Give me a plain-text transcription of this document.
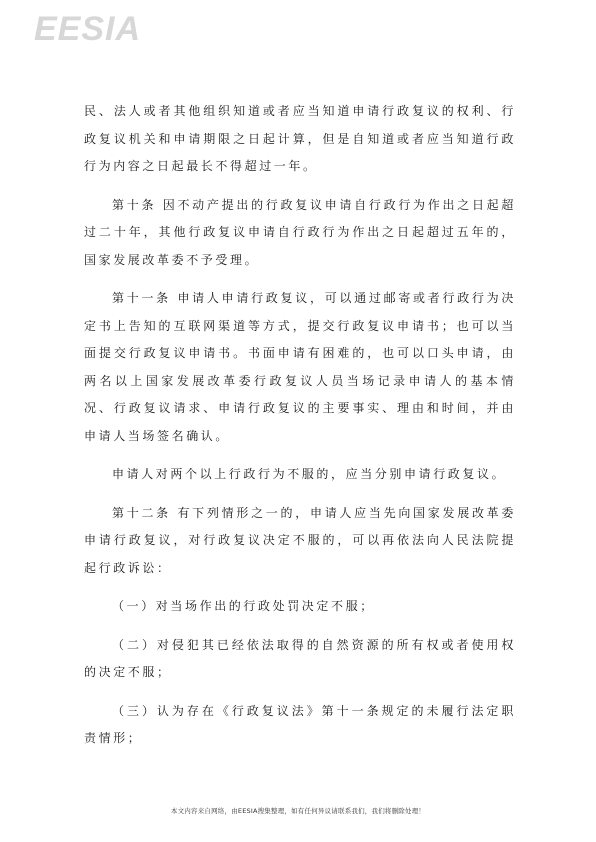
EESIA

民、法人或者其他组织知道或者应当知道申请行政复议的权利、行政复议机关和申请期限之日起计算，但是自知道或者应当知道行政行为内容之日起最长不得超过一年。

第十条 因不动产提出的行政复议申请自行政行为作出之日起超过二十年，其他行政复议申请自行政行为作出之日起超过五年的，国家发展改革委不予受理。

第十一条 申请人申请行政复议，可以通过邮寄或者行政行为决定书上告知的互联网渠道等方式，提交行政复议申请书；也可以当面提交行政复议申请书。书面申请有困难的，也可以口头申请，由两名以上国家发展改革委行政复议人员当场记录申请人的基本情况、行政复议请求、申请行政复议的主要事实、理由和时间，并由申请人当场签名确认。

申请人对两个以上行政行为不服的，应当分别申请行政复议。

第十二条 有下列情形之一的，申请人应当先向国家发展改革委申请行政复议，对行政复议决定不服的，可以再依法向人民法院提起行政诉讼：

（一）对当场作出的行政处罚决定不服；

（二）对侵犯其已经依法取得的自然资源的所有权或者使用权的决定不服；

（三）认为存在《行政复议法》第十一条规定的未履行法定职责情形；

本文内容来自网络，由EESIA搜集整理，如有任何异议请联系我们，我们将删除处理！
